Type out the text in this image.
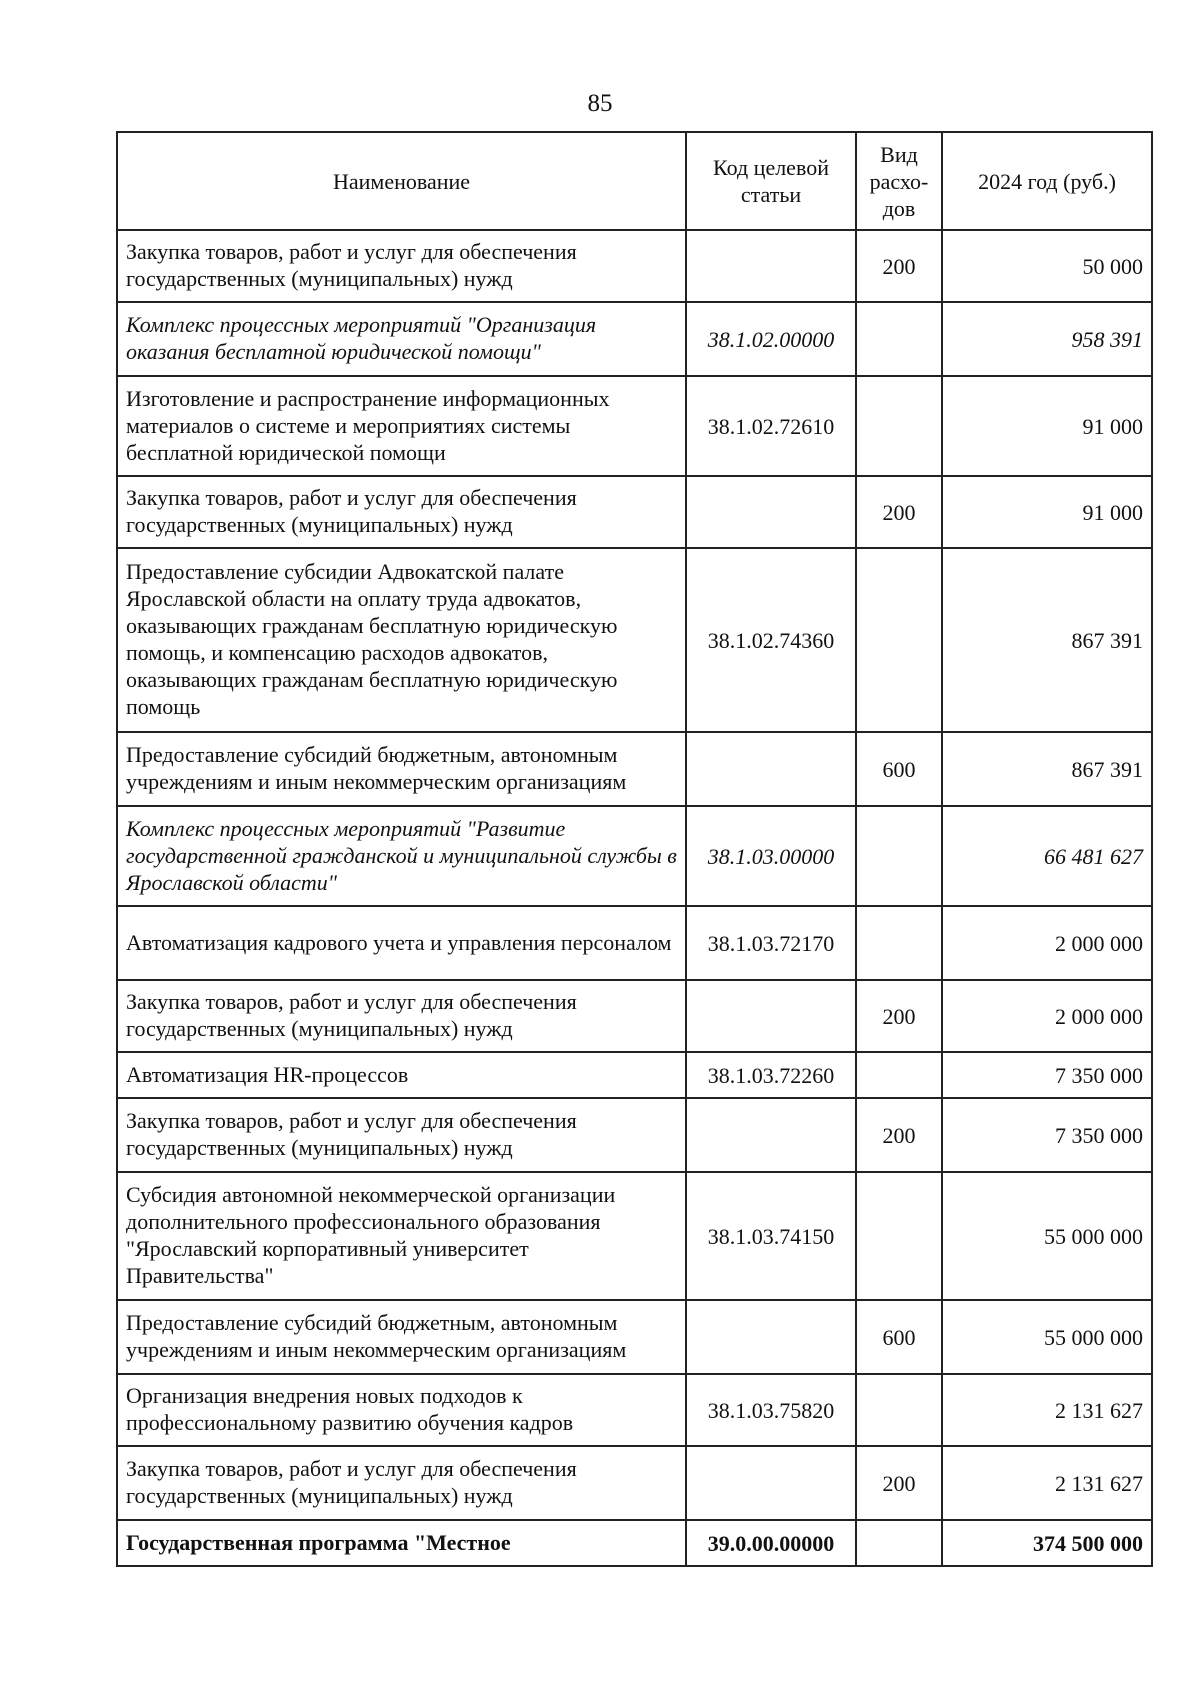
85
Наименование	Код целевой статьи	Вид расхо-дов	2024 год (руб.)
Закупка товаров, работ и услуг для обеспечения государственных (муниципальных) нужд		200	50 000
Комплекс процессных мероприятий "Организация оказания бесплатной юридической помощи"	38.1.02.00000		958 391
Изготовление и распространение информационных материалов о системе и мероприятиях системы бесплатной юридической помощи	38.1.02.72610		91 000
Закупка товаров, работ и услуг для обеспечения государственных (муниципальных) нужд		200	91 000
Предоставление субсидии Адвокатской палате Ярославской области на оплату труда адвокатов, оказывающих гражданам бесплатную юридическую помощь, и компенсацию расходов адвокатов, оказывающих гражданам бесплатную юридическую помощь	38.1.02.74360		867 391
Предоставление субсидий бюджетным, автономным учреждениям и иным некоммерческим организациям		600	867 391
Комплекс процессных мероприятий "Развитие государственной гражданской и муниципальной службы в Ярославской области"	38.1.03.00000		66 481 627
Автоматизация кадрового учета и управления персоналом	38.1.03.72170		2 000 000
Закупка товаров, работ и услуг для обеспечения государственных (муниципальных) нужд		200	2 000 000
Автоматизация HR-процессов	38.1.03.72260		7 350 000
Закупка товаров, работ и услуг для обеспечения государственных (муниципальных) нужд		200	7 350 000
Субсидия автономной некоммерческой организации дополнительного профессионального образования "Ярославский корпоративный университет Правительства"	38.1.03.74150		55 000 000
Предоставление субсидий бюджетным, автономным учреждениям и иным некоммерческим организациям		600	55 000 000
Организация внедрения новых подходов к профессиональному развитию обучения кадров	38.1.03.75820		2 131 627
Закупка товаров, работ и услуг для обеспечения государственных (муниципальных) нужд		200	2 131 627
Государственная программа "Местное	39.0.00.00000		374 500 000
